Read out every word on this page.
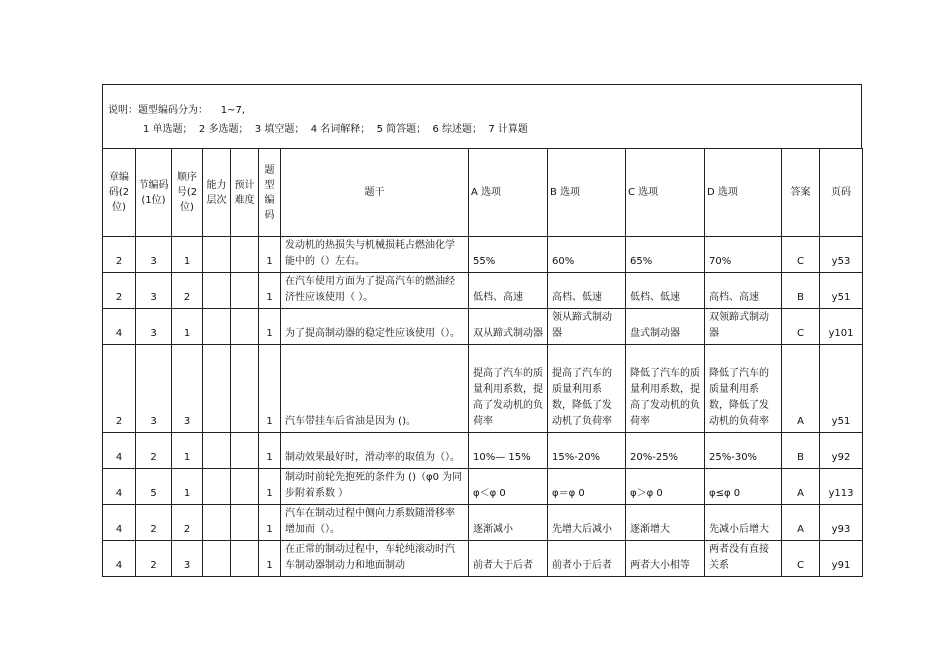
说明：题型编码分为：    1~7,
1 单选题；  2 多选题；  3 填空题；  4 名词解释；  5 简答题；  6 综述题；  7 计算题
章编码(2位)	节编码(1位)	顺序号(2位)	能力层次	预计难度	题型编码	题干	A 选项	B 选项	C 选项	D 选项	答案	页码
2	3	1			1	发动机的热损失与机械损耗占燃油化学能中的（）左右。	55%	60%	65%	70%	C	y53
2	3	2			1	在汽车使用方面为了提高汽车的燃油经济性应该使用（ ）。	低档、高速	高档、低速	低档、低速	高档、高速	B	y51
4	3	1			1	为了提高制动器的稳定性应该使用（）。	双从蹄式制动器	领从蹄式制动器	盘式制动器	双领蹄式制动器	C	y101
2	3	3			1	汽车带挂车后省油是因为 ()。	提高了汽车的质量利用系数，提高了发动机的负荷率	提高了汽车的质量利用系数，降低了发动机了负荷率	降低了汽车的质量利用系数，提高了发动机的负荷率	降低了汽车的质量利用系数，降低了发动机的负荷率	A	y51
4	2	1			1	制动效果最好时，滑动率的取值为（）。	10%— 15%	15%-20%	20%-25%	25%-30%	B	y92
4	5	1			1	制动时前轮先抱死的条件为 ()（φ0 为同步附着系数 ）	φ＜φ 0	φ＝φ 0	φ＞φ 0	φ≤φ 0	A	y113
4	2	2			1	汽车在制动过程中侧向力系数随滑移率增加而（）。	逐渐减小	先增大后减小	逐渐增大	先减小后增大	A	y93
4	2	3			1	在正常的制动过程中，车轮纯滚动时汽车制动器制动力和地面制动	前者大于后者	前者小于后者	两者大小相等	两者没有直接关系	C	y91
